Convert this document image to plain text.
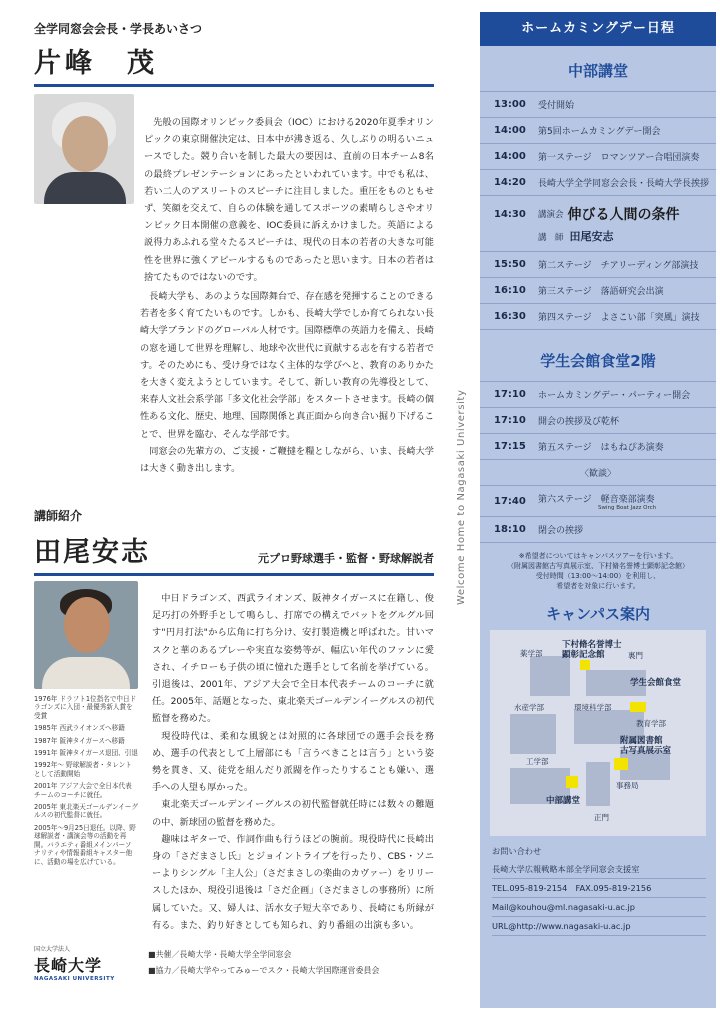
全学同窓会会長・学長あいさつ
片峰　茂

先般の国際オリンピック委員会（IOC）における2020年夏季オリンピックの東京開催決定は、日本中が沸き返る、久しぶりの明るいニュースでした。競り合いを制した最大の要因は、直前の日本チーム8名の最終プレゼンテーションにあったといわれています。中でも私は、若い二人のアスリートのスピーチに注目しました。重圧をものともせず、笑顔を交えて、自らの体験を通してスポーツの素晴らしさやオリンピック日本開催の意義を、IOC委員に訴えかけました。英語による説得力あふれる堂々たるスピーチは、現代の日本の若者の大きな可能性を世界に強くアピールするものであったと思います。日本の若者は捨てたものではないのです。

長崎大学も、あのような国際舞台で、存在感を発揮することのできる若者を多く育てたいものです。しかも、長崎大学でしか育てられない長崎大学ブランドのグローバル人材です。国際標準の英語力を備え、長崎の窓を通して世界を理解し、地球や次世代に貢献する志を有する若者です。そのためにも、受け身ではなく主体的な学びへと、教育のありかたを大きく変えようとしています。そして、新しい教育の先導役として、来春人文社会系学部「多文化社会学部」をスタートさせます。長崎の個性ある文化、歴史、地理、国際関係と真正面から向き合い掘り下げることで、世界を臨む、そんな学部です。

同窓会の先輩方の、ご支援・ご鞭撻を糧としながら、いま、長崎大学は大きく動き出します。

講師紹介
田尾安志	元プロ野球選手・監督・野球解説者
1976年 ドラフト1位指名で中日ドラゴンズに入団・最優秀新人賞を受賞
1985年 西武ライオンズへ移籍
1987年 阪神タイガースへ移籍
1991年 阪神タイガース退団、引退
1992年～ 野球解説者・タレントとして活動開始
2001年 アジア大会で全日本代表チームのコーチに就任。
2005年 東北楽天ゴールデンイーグルスの初代監督に就任。
2005年～9月25日退任。以降、野球解説者・講演会等の活動を再開。バラエティ番組メインパーソナリティや情報番組キャスター他に、活動の場を広げている。

中日ドラゴンズ、西武ライオンズ、阪神タイガースに在籍し、俊足巧打の外野手として鳴らし、打席での構えでバットをグルグル回す"円月打法"から広角に打ち分け、安打製造機と呼ばれた。甘いマスクと華のあるプレーや実直な姿勢等が、幅広い年代のファンに愛され、イチローも子供の頃に憧れた選手として名前を挙げている。引退後は、2001年、アジア大会で全日本代表チームのコーチに就任。2005年、話題となった、東北楽天ゴールデンイーグルスの初代監督を務めた。

現役時代は、柔和な風貌とは対照的に各球団での選手会長を務め、選手の代表として上層部にも「言うべきことは言う」という姿勢を貫き、又、徒党を組んだり派閥を作ったりすることも嫌い、選手への人望も厚かった。

東北楽天ゴールデンイーグルスの初代監督就任時には数々の難題の中、新球団の監督を務めた。

趣味はギターで、作詞作曲も行うほどの腕前。現役時代に長崎出身の「さだまさし氏」とジョイントライブを行ったり、CBS・ソニーよりシングル「主人公」（さだまさしの楽曲のカヴァー）をリリースしたほか、現役引退後は「さだ企画」（さだまさしの事務所）に所属していた。又、婦人は、活水女子短大卒であり、長崎にも所縁が有る。また、釣り好きとしても知られ、釣り番組の出演も多い。

国立大学法人
長崎大学
NAGASAKI UNIVERSITY
■共催／長崎大学・長崎大学全学同窓会
■協力／長崎大学やってみゅーでスク・長崎大学国際運営委員会
Welcome Home to Nagasaki University
ホームカミングデー日程
中部講堂
13:00	受付開始
14:00	第5回ホームカミングデー開会
14:00	第一ステージ　ロマンツアー合唱団演奏
14:20	長崎大学全学同窓会会長・長崎大学長挨拶
14:30	講演会 伸びる人間の条件
講　師 田尾安志
15:50	第二ステージ　チアリーディング部演技
16:10	第三ステージ　落語研究会出演
16:30	第四ステージ　よさこい部「突風」演技
学生会館食堂2階
17:10	ホームカミングデー・パーティー開会
17:10	開会の挨拶及び乾杯
17:15	第五ステージ　はもねぴあ演奏
〈歓談〉
17:40	第六ステージ　軽音楽部演奏
Swing Boat Jazz Orch
18:10	閉会の挨拶
※希望者についてはキャンパスツアーを行います。
（附属図書館古写真展示室、下村脩名誉博士顕彰記念館）
受付時間（13:00～14:00）を利用し、
希望者を対象に行います。
キャンパス案内
薬学部
下村脩名誉博士
顕彰記念館	裏門
水産学部	環境科学部
学生会館食堂
教育学部
附属図書館
古写真展示室
工学部
事務局
中部講堂
正門
お問い合わせ
長崎大学広報戦略本部全学同窓会支援室
TEL.095-819-2154　FAX.095-819-2156
Mail@kouhou@ml.nagasaki-u.ac.jp
URL@http://www.nagasaki-u.ac.jp
